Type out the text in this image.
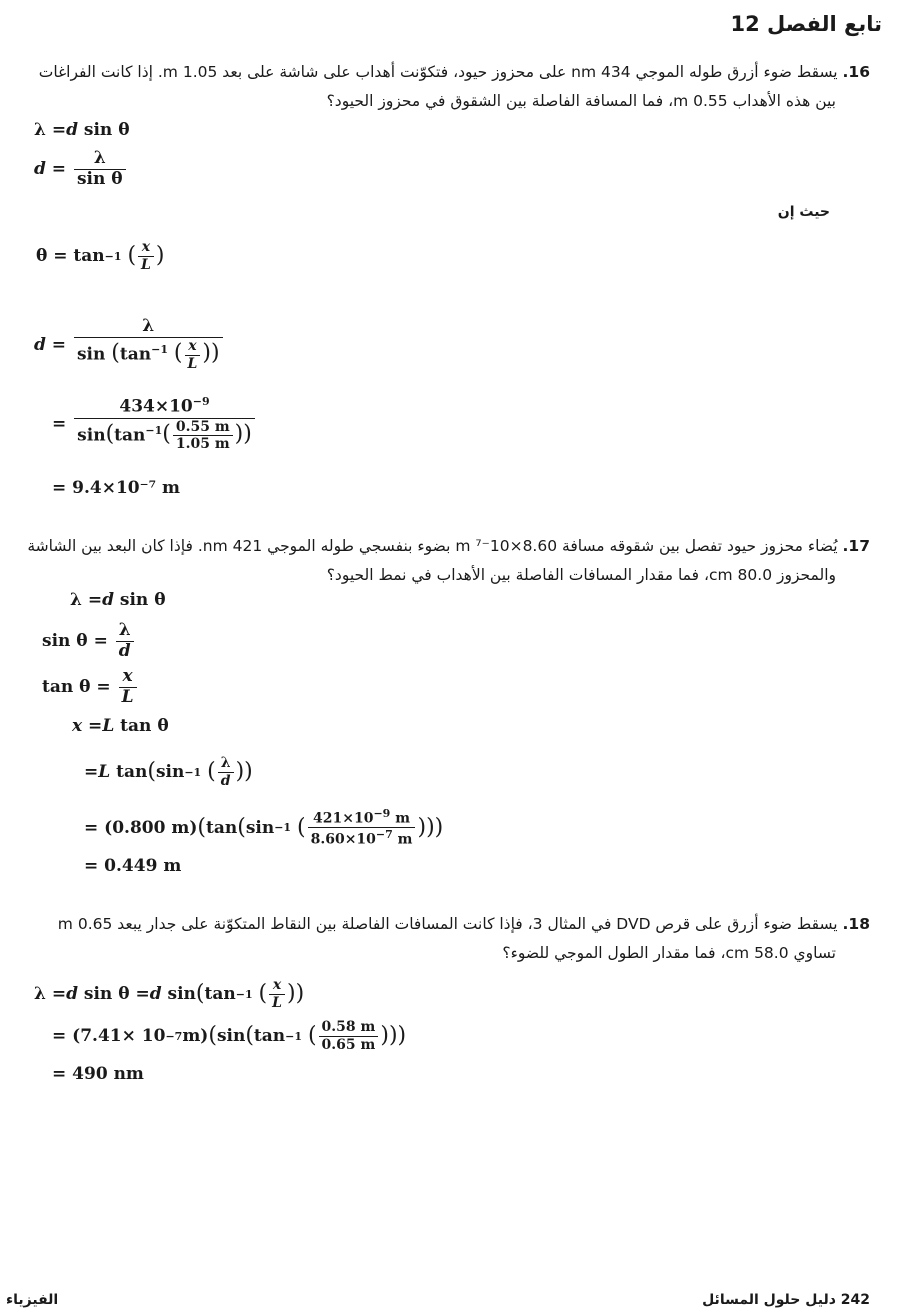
تابع الفصل 12

16. يسقط ضوء أزرق طوله الموجي 434 nm على محزوز حيود، فتكوّنت أهداب على شاشة على بعد 1.05 m. إذا كانت الفراغات

بين هذه الأهداب 0.55 m، فما المسافة الفاصلة بين الشقوق في محزوز الحيود؟

λ = d sin θ
$d = \frac{\lambda}{\text{sin θ}}$
حيث إن
θ = tan −1
( $\frac{x}{L}$ )
$d = \frac{\lambda}{\sin (\tan^{-1} ( \frac{x}{L} ))}$
= $\frac{434\times 10^{-9}}{\sin(\tan^{-1}( \frac{0.55 m}{1.05 m} ))}$
= 9.4×10⁻⁷ m

17. يُضاء محزوز حيود تفصل بين شقوقه مسافة 8.60×10⁻⁷ m بضوء بنفسجي طوله الموجي 421 nm. فإذا كان البعد بين الشاشة

والمحزوز 80.0 cm، فما مقدار المسافات الفاصلة بين الأهداب في نمط الحيود؟

λ = d sin θ
$\sin \theta = \frac{\lambda}{d}$
$\tan \theta = \frac{x}{L}$
x = L tan θ
= L tan ( sin −1
( $\frac{\lambda}{d}$ ) )
= (0.800 m) ( tan ( sin −1
( $\frac{421\times 10^{-9} m}{8.60\times 10^{-7} m}$ ) ) )
= 0.449 m

18. يسقط ضوء أزرق على قرص DVD في المثال 3، فإذا كانت المسافات الفاصلة بين النقاط المتكوّنة على جدار يبعد 0.65 m

تساوي 58.0 cm، فما مقدار الطول الموجي للضوء؟

λ = d sin θ = d sin ( tan −1
( $\frac{x}{L}$ ) )
= (7.41× 10 −7 m) ( sin ( tan −1
( $\frac{0.58 m}{0.65 m}$ ) ) )
= 490 nm
242 دليل حلول المسائل
الفيزياء
